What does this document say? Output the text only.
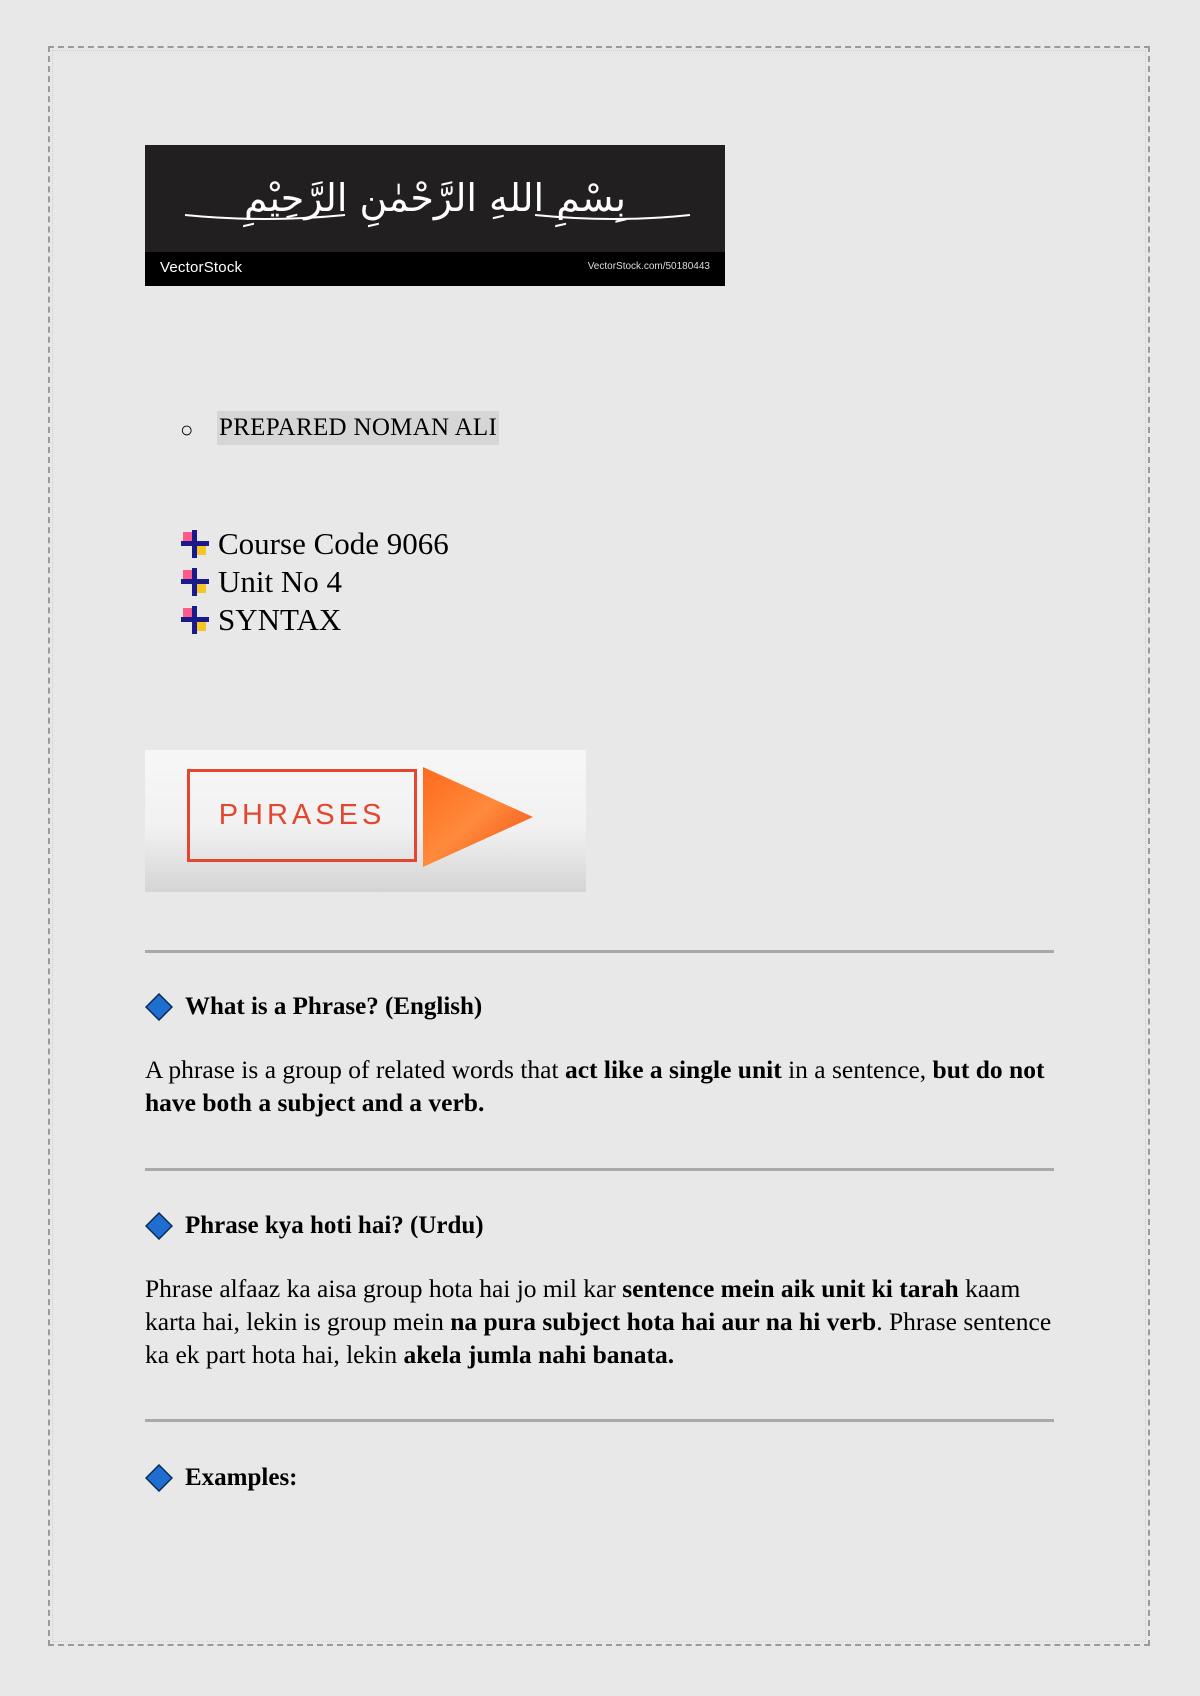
بِسْمِ اللهِ الرَّحْمٰنِ الرَّحِيْمِ
VectorStock	VectorStock.com/50180443
○ PREPARED NOMAN ALI
Course Code 9066
Unit No 4
SYNTAX
PHRASES
What is a Phrase? (English)
A phrase is a group of related words that act like a single unit in a sentence, but do not have both a subject and a verb.
Phrase kya hoti hai? (Urdu)
Phrase alfaaz ka aisa group hota hai jo mil kar sentence mein aik unit ki tarah kaam karta hai, lekin is group mein na pura subject hota hai aur na hi verb. Phrase sentence ka ek part hota hai, lekin akela jumla nahi banata.
Examples:
